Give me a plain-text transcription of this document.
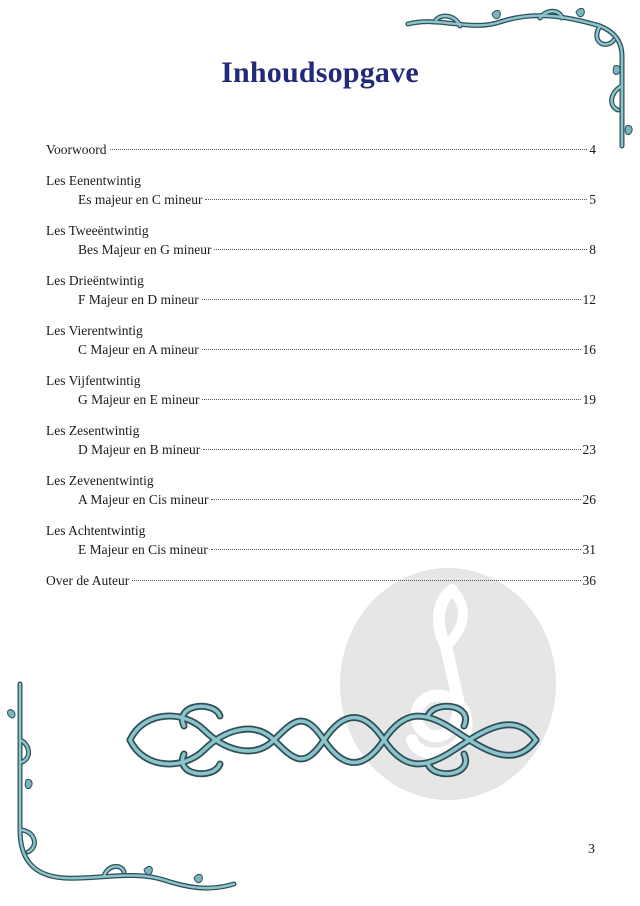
Inhoudsopgave
Voorwoord	4
Les Eenentwintig
Es majeur en C mineur	5
Les Tweeëntwintig
Bes Majeur en G mineur	8
Les Drieëntwintig
F Majeur en D mineur	12
Les Vierentwintig
C Majeur en A mineur	16
Les Vijfentwintig
G Majeur en E mineur	19
Les Zesentwintig
D Majeur en B mineur	23
Les Zevenentwintig
A Majeur en Cis mineur	26
Les Achtentwintig
E Majeur en Cis mineur	31
Over de Auteur	36
3
